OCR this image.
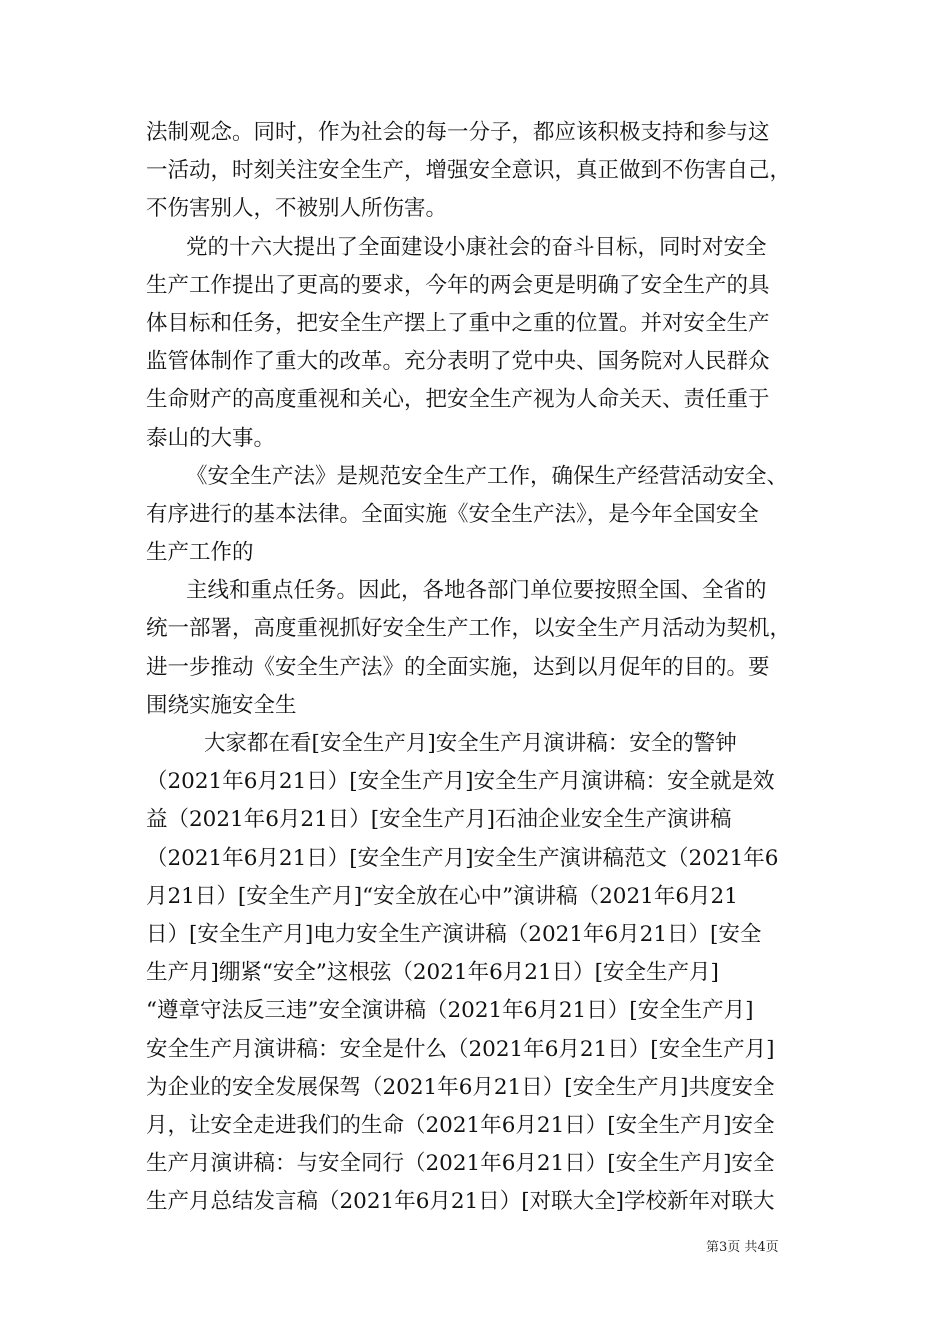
法制观念。同时，作为社会的每一分子，都应该积极支持和参与这
一活动，时刻关注安全生产，增强安全意识，真正做到不伤害自己，
不伤害别人，不被别人所伤害。
党的十六大提出了全面建设小康社会的奋斗目标，同时对安全
生产工作提出了更高的要求，今年的两会更是明确了安全生产的具
体目标和任务，把安全生产摆上了重中之重的位置。并对安全生产
监管体制作了重大的改革。充分表明了党中央、国务院对人民群众
生命财产的高度重视和关心，把安全生产视为人命关天、责任重于
泰山的大事。
《安全生产法》是规范安全生产工作，确保生产经营活动安全、
有序进行的基本法律。全面实施《安全生产法》，是今年全国安全
生产工作的
主线和重点任务。因此，各地各部门单位要按照全国、全省的
统一部署，高度重视抓好安全生产工作，以安全生产月活动为契机，
进一步推动《安全生产法》的全面实施，达到以月促年的目的。要
围绕实施安全生
大家都在看[安全生产月]安全生产月演讲稿：安全的警钟
（2021年6月21日）[安全生产月]安全生产月演讲稿：安全就是效
益（2021年6月21日）[安全生产月]石油企业安全生产演讲稿
（2021年6月21日）[安全生产月]安全生产演讲稿范文（2021年6
月21日）[安全生产月]“安全放在心中”演讲稿（2021年6月21
日）[安全生产月]电力安全生产演讲稿（2021年6月21日）[安全
生产月]绷紧“安全”这根弦（2021年6月21日）[安全生产月]
“遵章守法反三违”安全演讲稿（2021年6月21日）[安全生产月]
安全生产月演讲稿：安全是什么（2021年6月21日）[安全生产月]
为企业的安全发展保驾（2021年6月21日）[安全生产月]共度安全
月，让安全走进我们的生命（2021年6月21日）[安全生产月]安全
生产月演讲稿：与安全同行（2021年6月21日）[安全生产月]安全
生产月总结发言稿（2021年6月21日）[对联大全]学校新年对联大
第3页 共4页
